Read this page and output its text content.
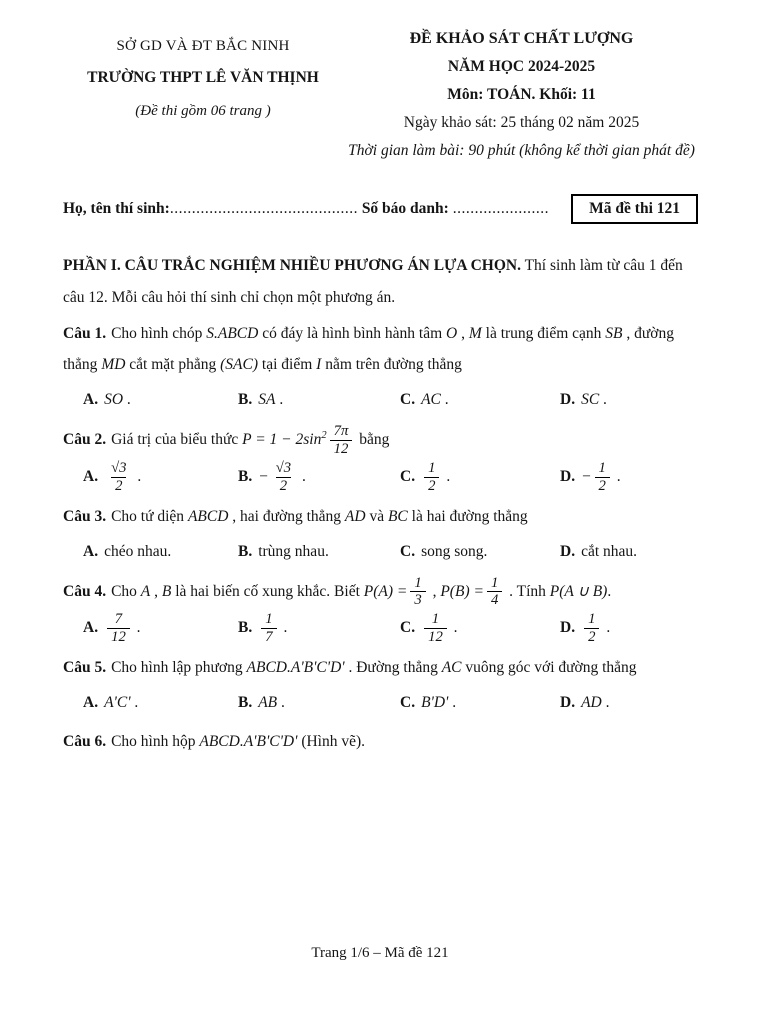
SỞ GD VÀ ĐT BẮC NINH
TRƯỜNG THPT LÊ VĂN THỊNH
(Đề thi gồm 06 trang )
ĐỀ KHẢO SÁT CHẤT LƯỢNG
NĂM HỌC 2024-2025
Môn: TOÁN. Khối: 11
Ngày khảo sát: 25 tháng 02 năm 2025
Thời gian làm bài: 90 phút (không kể thời gian phát đề)
Họ, tên thí sinh:........................................... Số báo danh: ......................	Mã đề thi 121
PHẦN I. CÂU TRẮC NGHIỆM NHIỀU PHƯƠNG ÁN LỰA CHỌN. Thí sinh làm từ câu 1 đến câu 12. Mỗi câu hỏi thí sinh chỉ chọn một phương án.
Câu 1. Cho hình chóp S.ABCD có đáy là hình bình hành tâm O , M là trung điểm cạnh SB , đường thẳng MD cắt mặt phẳng (SAC) tại điểm I nằm trên đường thẳng
A. SO .	B. SA .	C. AC .	D. SC .
Câu 2. Giá trị của biểu thức $P = 1 - 2\sin^2 \frac{7\pi}{12}$ bằng
A. $\frac{√3}{2}$ .	B. − $\frac{√3}{2}$ .	C. $\frac{1}{2}$ .	D. − $\frac{1}{2}$ .
Câu 3. Cho tứ diện ABCD , hai đường thẳng AD và BC là hai đường thẳng
A. chéo nhau.	B. trùng nhau.	C. song song.	D. cắt nhau.
Câu 4. Cho A , B là hai biến cố xung khắc. Biết $P(A) = \frac{1}{3}$ , $P(B) = \frac{1}{4}$ . Tính P(A ∪ B).
A. $\frac{7}{12}$ .	B. $\frac{1}{7}$ .	C. $\frac{1}{12}$ .	D. $\frac{1}{2}$ .
Câu 5. Cho hình lập phương ABCD.A'B'C'D' . Đường thẳng AC vuông góc với đường thẳng
A. A'C' .	B. AB .	C. B'D' .	D. AD .
Câu 6. Cho hình hộp ABCD.A'B'C'D' (Hình vẽ).
Trang 1/6 – Mã đề 121
